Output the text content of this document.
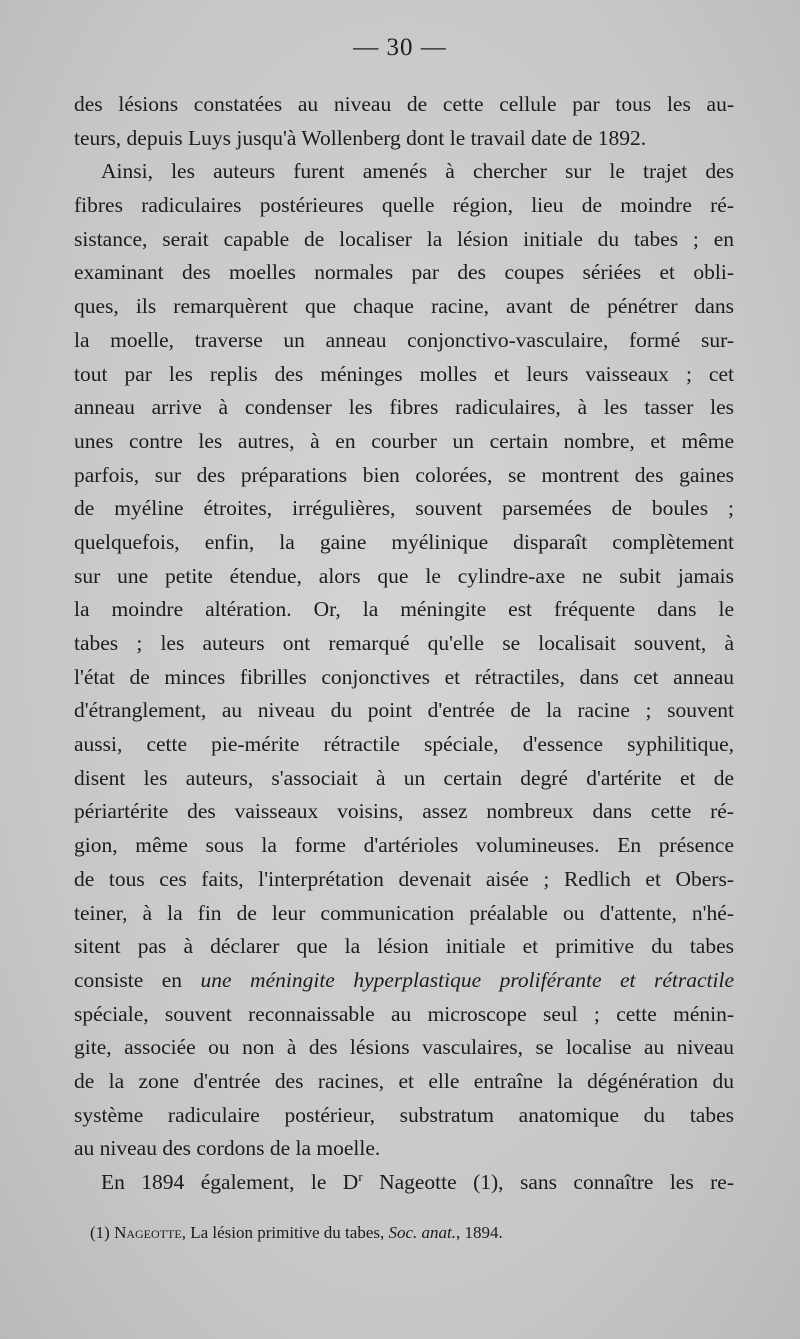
— 30 —
des lésions constatées au niveau de cette cellule par tous les au-
teurs, depuis Luys jusqu'à Wollenberg dont le travail date de 1892.
Ainsi, les auteurs furent amenés à chercher sur le trajet des
fibres radiculaires postérieures quelle région, lieu de moindre ré-
sistance, serait capable de localiser la lésion initiale du tabes ; en
examinant des moelles normales par des coupes sériées et obli-
ques, ils remarquèrent que chaque racine, avant de pénétrer dans
la moelle, traverse un anneau conjonctivo-vasculaire, formé sur-
tout par les replis des méninges molles et leurs vaisseaux ; cet
anneau arrive à condenser les fibres radiculaires, à les tasser les
unes contre les autres, à en courber un certain nombre, et même
parfois, sur des préparations bien colorées, se montrent des gaines
de myéline étroites, irrégulières, souvent parsemées de boules ;
quelquefois, enfin, la gaine myélinique disparaît complètement
sur une petite étendue, alors que le cylindre-axe ne subit jamais
la moindre altération. Or, la méningite est fréquente dans le
tabes ; les auteurs ont remarqué qu'elle se localisait souvent, à
l'état de minces fibrilles conjonctives et rétractiles, dans cet anneau
d'étranglement, au niveau du point d'entrée de la racine ; souvent
aussi, cette pie-mérite rétractile spéciale, d'essence syphilitique,
disent les auteurs, s'associait à un certain degré d'artérite et de
périartérite des vaisseaux voisins, assez nombreux dans cette ré-
gion, même sous la forme d'artérioles volumineuses. En présence
de tous ces faits, l'interprétation devenait aisée ; Redlich et Obers-
teiner, à la fin de leur communication préalable ou d'attente, n'hé-
sitent pas à déclarer que la lésion initiale et primitive du tabes
consiste en une méningite hyperplastique proliférante et rétractile
spéciale, souvent reconnaissable au microscope seul ; cette ménin-
gite, associée ou non à des lésions vasculaires, se localise au niveau
de la zone d'entrée des racines, et elle entraîne la dégénération du
système radiculaire postérieur, substratum anatomique du tabes
au niveau des cordons de la moelle.
En 1894 également, le $D^r$ Nageotte (1), sans connaître les re-
(1) Nageotte, La lésion primitive du tabes, Soc. anat., 1894.
